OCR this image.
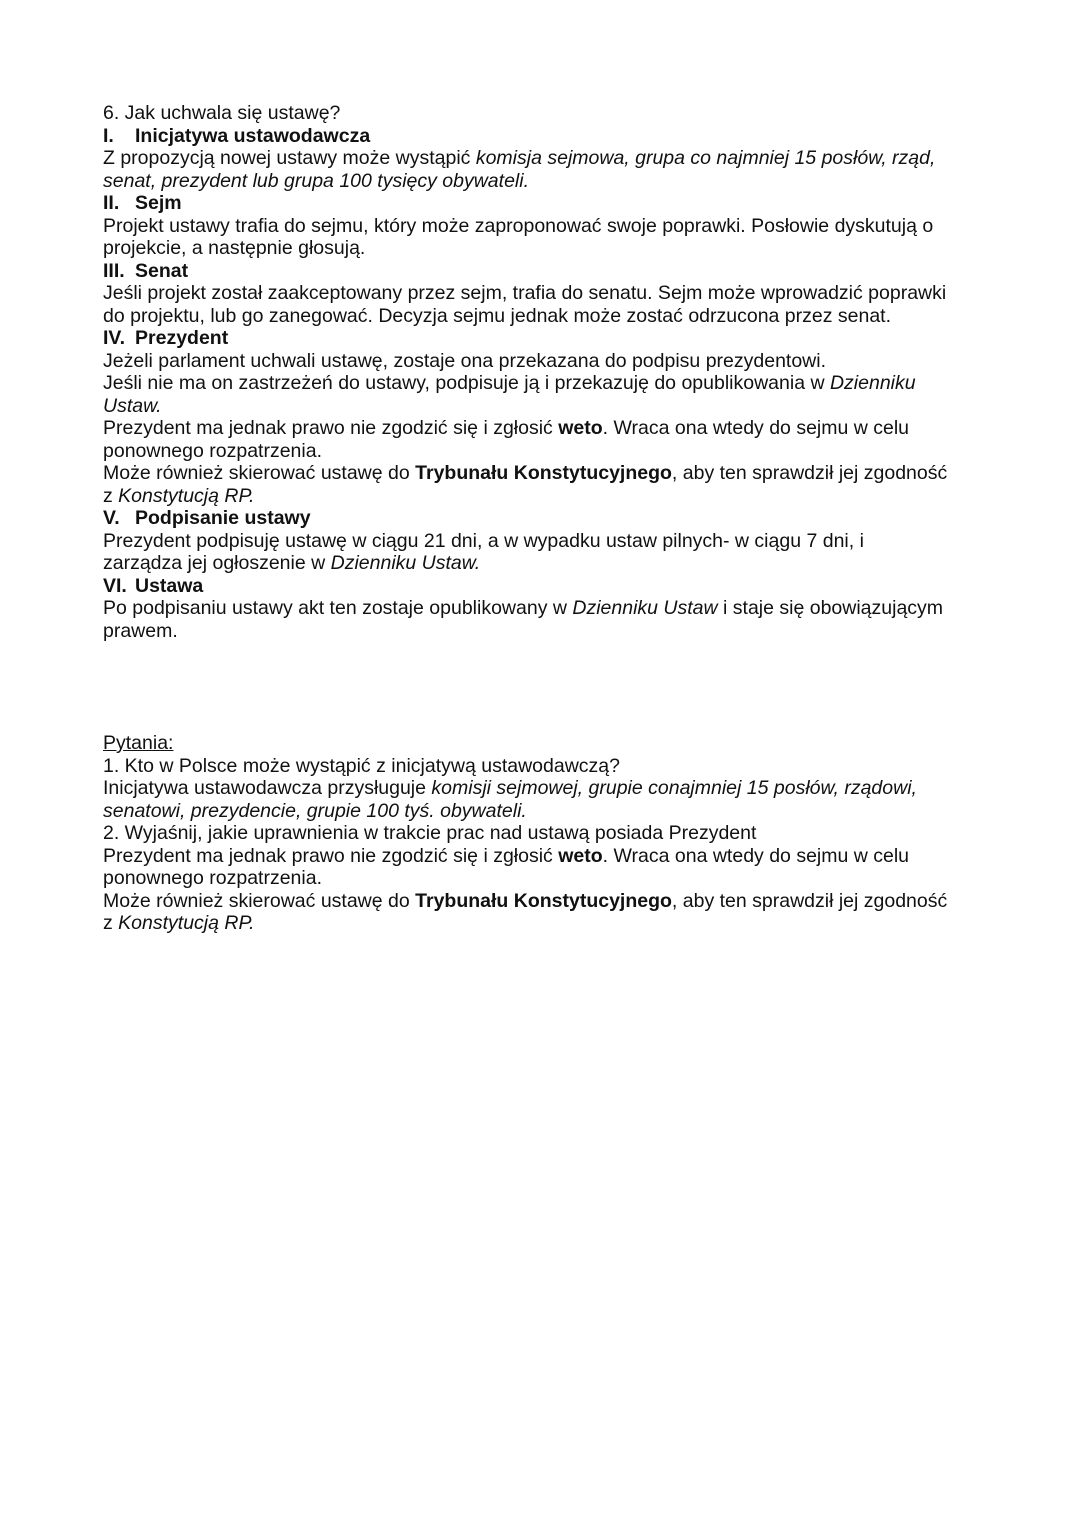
6. Jak uchwala się ustawę?
I. Inicjatywa ustawodawcza
Z propozycją nowej ustawy może wystąpić komisja sejmowa, grupa co najmniej 15 posłów, rząd,
senat, prezydent lub grupa 100 tysięcy obywateli.
II. Sejm
Projekt ustawy trafia do sejmu, który może zaproponować swoje poprawki. Posłowie dyskutują o
projekcie, a następnie głosują.
III. Senat
Jeśli projekt został zaakceptowany przez sejm, trafia do senatu. Sejm może wprowadzić poprawki
do projektu, lub go zanegować. Decyzja sejmu jednak może zostać odrzucona przez senat.
IV. Prezydent
Jeżeli parlament uchwali ustawę, zostaje ona przekazana do podpisu prezydentowi.
Jeśli nie ma on zastrzeżeń do ustawy, podpisuje ją i przekazuję do opublikowania w Dzienniku
Ustaw.
Prezydent ma jednak prawo nie zgodzić się i zgłosić weto. Wraca ona wtedy do sejmu w celu
ponownego rozpatrzenia.
Może również skierować ustawę do Trybunału Konstytucyjnego, aby ten sprawdził jej zgodność
z Konstytucją RP.
V. Podpisanie ustawy
Prezydent podpisuję ustawę w ciągu 21 dni, a w wypadku ustaw pilnych- w ciągu 7 dni, i
zarządza jej ogłoszenie w Dzienniku Ustaw.
VI. Ustawa
Po podpisaniu ustawy akt ten zostaje opublikowany w Dzienniku Ustaw i staje się obowiązującym
prawem.
Pytania:
1. Kto w Polsce może wystąpić z inicjatywą ustawodawczą?
Inicjatywa ustawodawcza przysługuje komisji sejmowej, grupie conajmniej 15 posłów, rządowi,
senatowi, prezydencie, grupie 100 tyś. obywateli.
2. Wyjaśnij, jakie uprawnienia w trakcie prac nad ustawą posiada Prezydent
Prezydent ma jednak prawo nie zgodzić się i zgłosić weto. Wraca ona wtedy do sejmu w celu
ponownego rozpatrzenia.
Może również skierować ustawę do Trybunału Konstytucyjnego, aby ten sprawdził jej zgodność
z Konstytucją RP.
